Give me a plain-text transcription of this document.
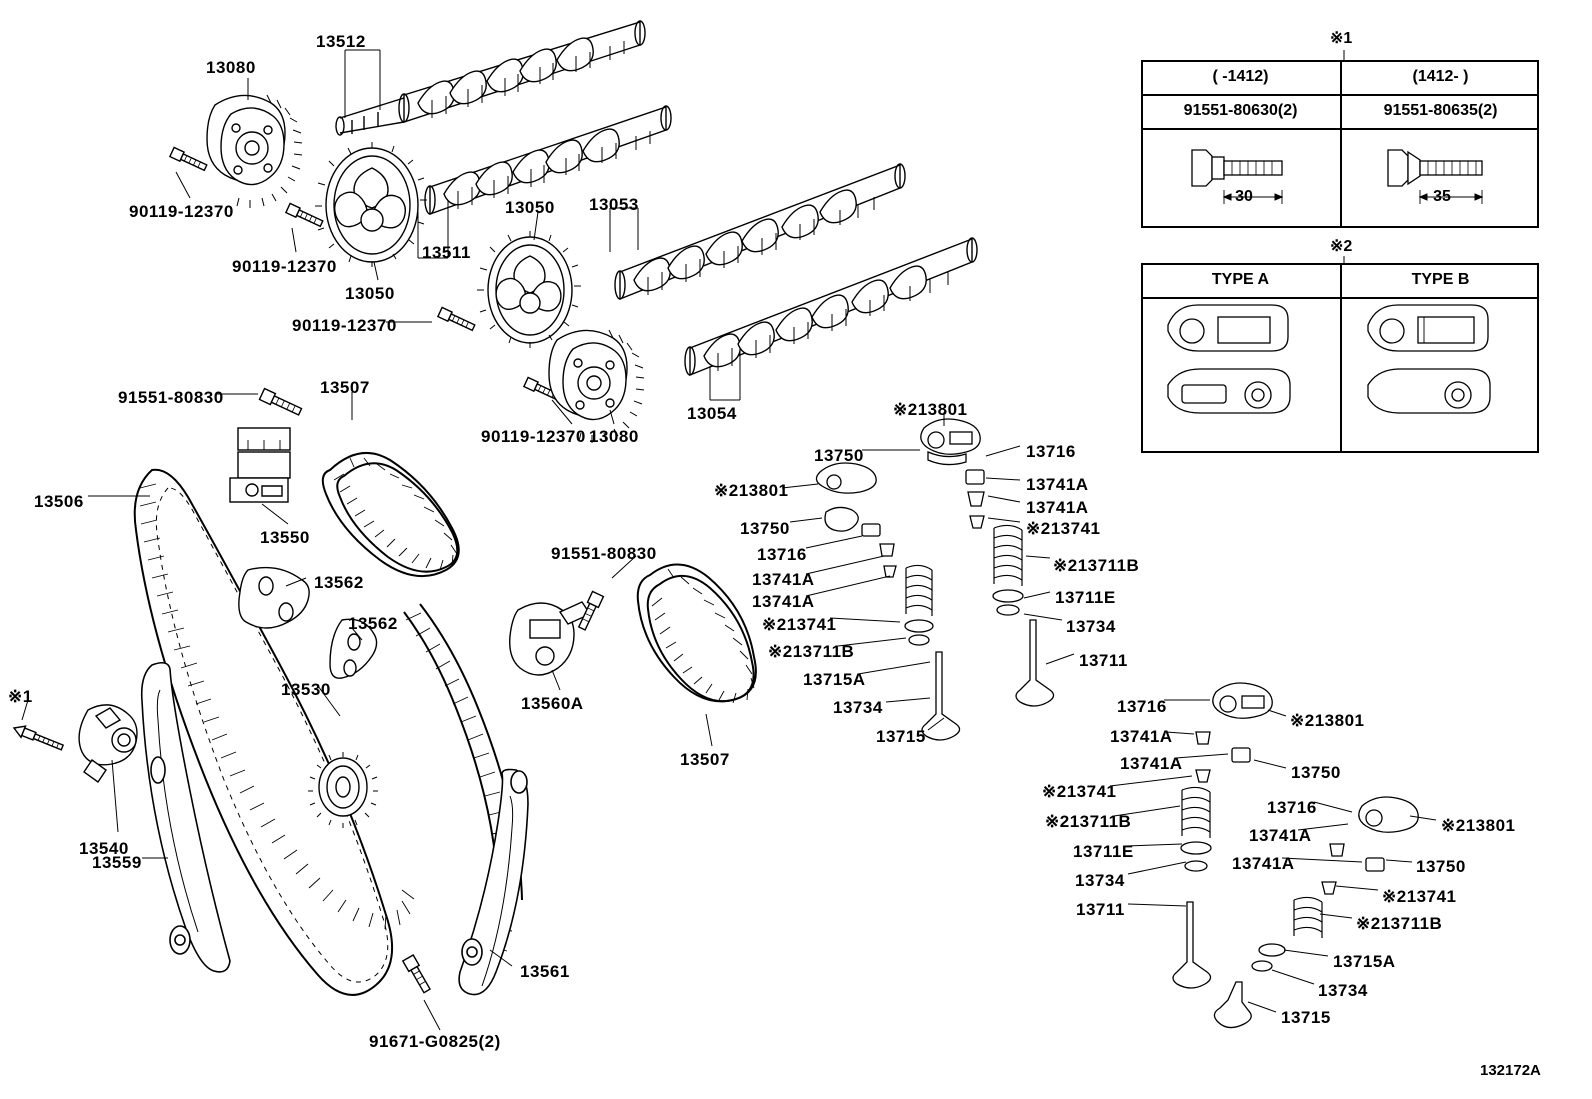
( -1412)	(1412- )
91551-80630(2)	91551-80635(2)
30	35
※1
TYPE A	TYPE B
※2
13080
13512
90119-12370
90119-12370
13050
13511
13050 13053
90119-12370
90119-12370 13080
13054
91551-80830
13507
13506
13550
13562
13562
13530
91551-80830
13560A
13507
※1
13540
13559
13561
91671-G0825(2)
※213801
13750	13716
※213801	13741A
13741A
13750	※213741
13716
※213711B
13741A
13741A	13711E
※213741	13734
※213711B	13711
13715A
13734
13715
13716
※213801
13741A
13741A	13750
※213741
13716
※213711B
13741A
※213801
13711E
13741A	13750
13734
※213741
13711
※213711B
13715A
13734
13715
132172A
